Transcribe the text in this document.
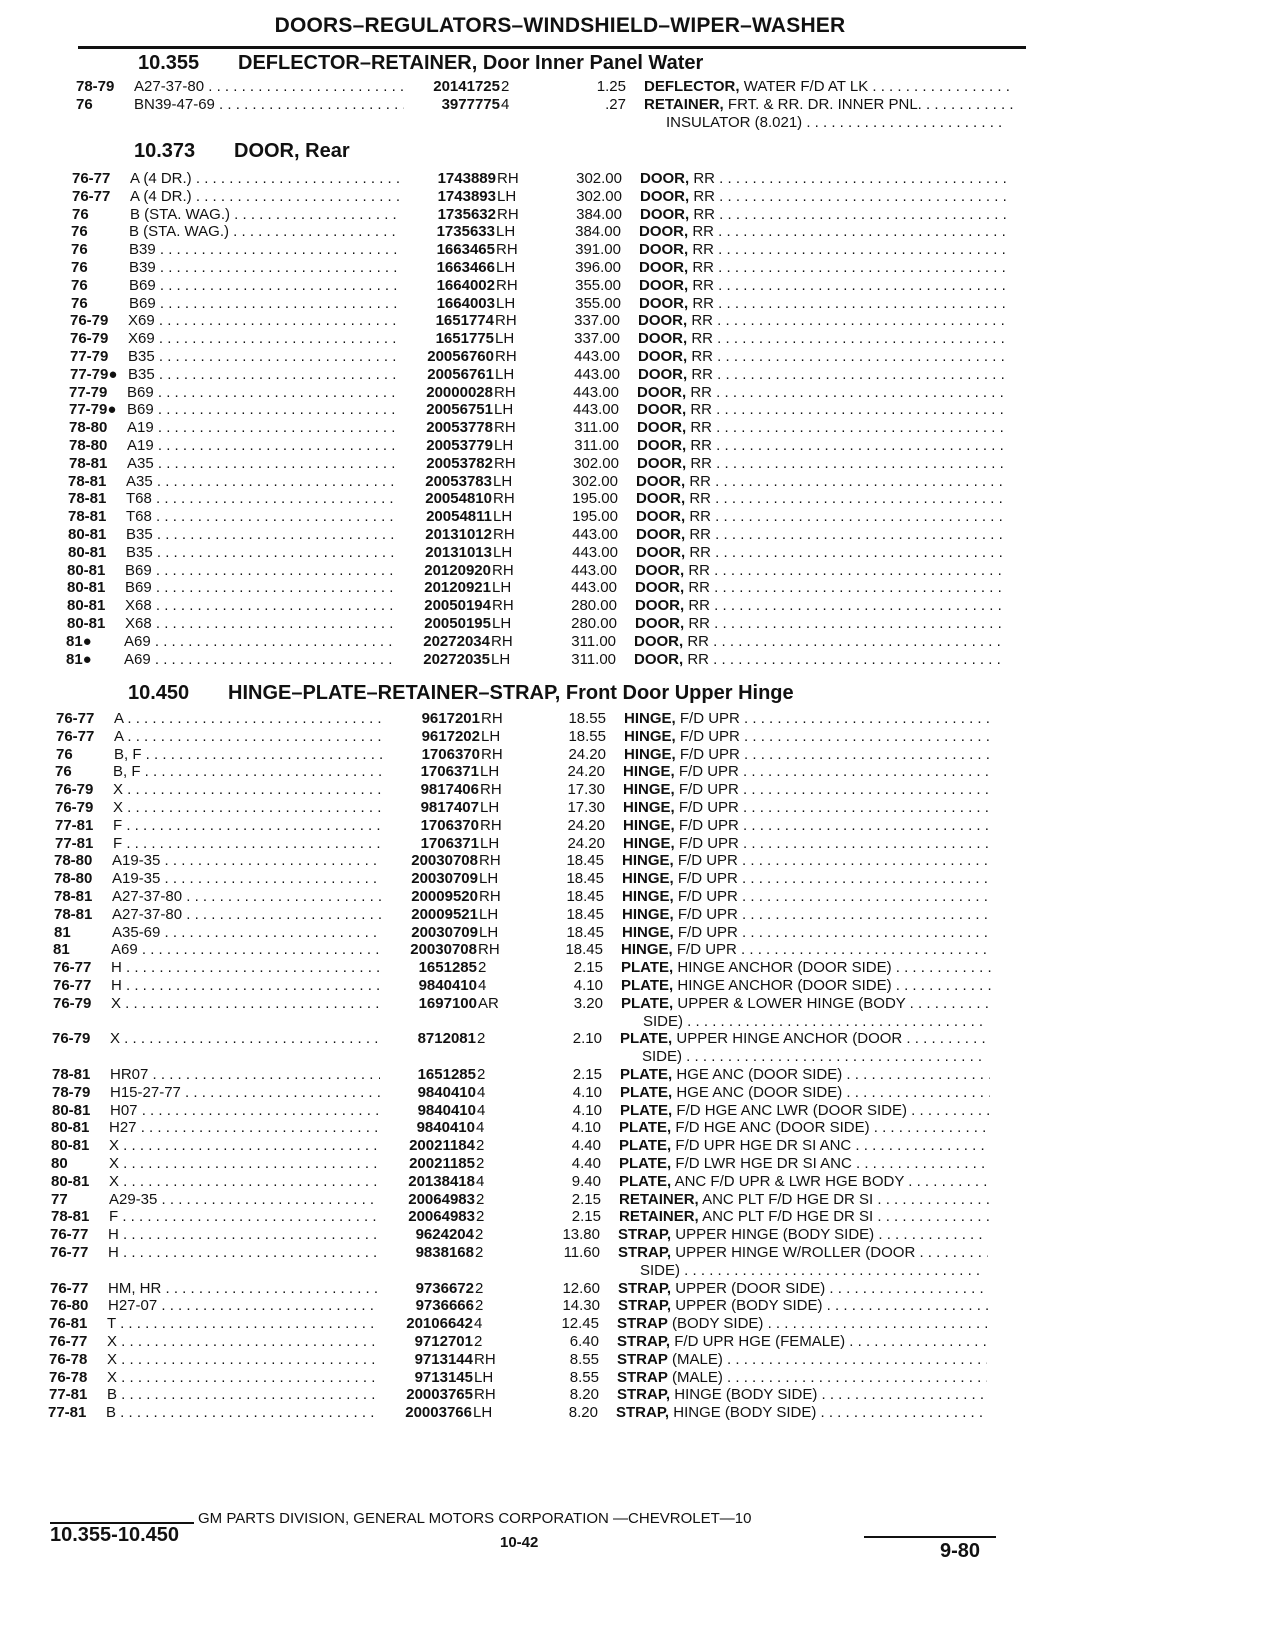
DOORS–REGULATORS–WINDSHIELD–WIPER–WASHER
10.355 DEFLECTOR–RETAINER, Door Inner Panel Water
78-79	A27-37-80 . . .	20141725 2	1.25 DEFLECTOR, WATER F/D AT LK . . .
76	BN39-47-69 . . .	3977775 4	.27 RETAINER, FRT. & RR. DR. INNER PNL. . . .
INSULATOR (8.021) . . .
10.373 DOOR, Rear
76-77	A (4 DR.) . . .	1743889 RH	302.00 DOOR, RR . . .
76-77	A (4 DR.) . . .	1743893 LH	302.00 DOOR, RR . . .
76	B (STA. WAG.) . . .	1735632 RH	384.00 DOOR, RR . . .
76	B (STA. WAG.) . . .	1735633 LH	384.00 DOOR, RR . . .
76	B39 . . .	1663465 RH	391.00 DOOR, RR . . .
76	B39 . . .	1663466 LH	396.00 DOOR, RR . . .
76	B69 . . .	1664002 RH	355.00 DOOR, RR . . .
76	B69 . . .	1664003 LH	355.00 DOOR, RR . . .
76-79	X69 . . .	1651774 RH	337.00 DOOR, RR . . .
76-79	X69 . . .	1651775 LH	337.00 DOOR, RR . . .
77-79	B35 . . .	20056760 RH	443.00 DOOR, RR . . .
77-79● B35 . . .	20056761 LH	443.00 DOOR, RR . . .
77-79	B69 . . .	20000028 RH	443.00 DOOR, RR . . .
77-79● B69 . . .	20056751 LH	443.00 DOOR, RR . . .
78-80	A19 . . .	20053778 RH	311.00 DOOR, RR . . .
78-80	A19 . . .	20053779 LH	311.00 DOOR, RR . . .
78-81	A35 . . .	20053782 RH	302.00 DOOR, RR . . .
78-81	A35 . . .	20053783 LH	302.00 DOOR, RR . . .
78-81	T68 . . .	20054810 RH	195.00 DOOR, RR . . .
78-81	T68 . . .	20054811 LH	195.00 DOOR, RR . . .
80-81	B35 . . .	20131012 RH	443.00 DOOR, RR . . .
80-81	B35 . . .	20131013 LH	443.00 DOOR, RR . . .
80-81	B69 . . .	20120920 RH	443.00 DOOR, RR . . .
80-81	B69 . . .	20120921 LH	443.00 DOOR, RR . . .
80-81	X68 . . .	20050194 RH	280.00 DOOR, RR . . .
80-81	X68 . . .	20050195 LH	280.00 DOOR, RR . . .
81●	A69 . . .	20272034 RH	311.00 DOOR, RR . . .
81●	A69 . . .	20272035 LH	311.00 DOOR, RR . . .
10.450 HINGE–PLATE–RETAINER–STRAP, Front Door Upper Hinge
76-77	A . . .	9617201 RH	18.55 HINGE, F/D UPR . . .
76-77	A . . .	9617202 LH	18.55 HINGE, F/D UPR . . .
76	B, F . . .	1706370 RH	24.20 HINGE, F/D UPR . . .
76	B, F . . .	1706371 LH	24.20 HINGE, F/D UPR . . .
76-79	X . . .	9817406 RH	17.30 HINGE, F/D UPR . . .
76-79	X . . .	9817407 LH	17.30 HINGE, F/D UPR . . .
77-81	F . . .	1706370 RH	24.20 HINGE, F/D UPR . . .
77-81	F . . .	1706371 LH	24.20 HINGE, F/D UPR . . .
78-80	A19-35 . . .	20030708 RH	18.45 HINGE, F/D UPR . . .
78-80	A19-35 . . .	20030709 LH	18.45 HINGE, F/D UPR . . .
78-81	A27-37-80 . . .	20009520 RH	18.45 HINGE, F/D UPR . . .
78-81	A27-37-80 . . .	20009521 LH	18.45 HINGE, F/D UPR . . .
81	A35-69 . . .	20030709 LH	18.45 HINGE, F/D UPR . . .
81	A69 . . .	20030708 RH	18.45 HINGE, F/D UPR . . .
76-77	H . . .	1651285 2	2.15 PLATE, HINGE ANCHOR (DOOR SIDE) . . .
76-77	H . . .	9840410 4	4.10 PLATE, HINGE ANCHOR (DOOR SIDE) . . .
76-79	X . . .	1697100 AR	3.20 PLATE, UPPER & LOWER HINGE (BODY . . .
SIDE) . . .
76-79	X . . .	8712081 2	2.10 PLATE, UPPER HINGE ANCHOR (DOOR . . .
SIDE) . . .
78-81	HR07 . . .	1651285 2	2.15 PLATE, HGE ANC (DOOR SIDE) . . .
78-79	H15-27-77 . . .	9840410 4	4.10 PLATE, HGE ANC (DOOR SIDE) . . .
80-81	H07 . . .	9840410 4	4.10 PLATE, F/D HGE ANC LWR (DOOR SIDE) . . .
80-81	H27 . . .	9840410 4	4.10 PLATE, F/D HGE ANC (DOOR SIDE) . . .
80-81	X . . .	20021184 2	4.40 PLATE, F/D UPR HGE DR SI ANC . . .
80	X . . .	20021185 2	4.40 PLATE, F/D LWR HGE DR SI ANC . . .
80-81	X . . .	20138418 4	9.40 PLATE, ANC F/D UPR & LWR HGE BODY . . .
77	A29-35 . . .	20064983 2	2.15 RETAINER, ANC PLT F/D HGE DR SI . . .
78-81	F . . .	20064983 2	2.15 RETAINER, ANC PLT F/D HGE DR SI . . .
76-77	H . . .	9624204 2	13.80 STRAP, UPPER HINGE (BODY SIDE) . . .
76-77	H . . .	9838168 2	11.60 STRAP, UPPER HINGE W/ROLLER (DOOR . . .
SIDE) . . .
76-77	HM, HR . . .	9736672 2	12.60 STRAP, UPPER (DOOR SIDE) . . .
76-80	H27-07 . . .	9736666 2	14.30 STRAP, UPPER (BODY SIDE) . . .
76-81	T . . .	20106642 4	12.45 STRAP (BODY SIDE) . . .
76-77	X . . .	9712701 2	6.40 STRAP, F/D UPR HGE (FEMALE) . . .
76-78	X . . .	9713144 RH	8.55 STRAP (MALE) . . .
76-78	X . . .	9713145 LH	8.55 STRAP (MALE) . . .
77-81	B . . .	20003765 RH	8.20 STRAP, HINGE (BODY SIDE) . . .
77-81	B . . .	20003766 LH	8.20 STRAP, HINGE (BODY SIDE) . . .
GM PARTS DIVISION, GENERAL MOTORS CORPORATION —CHEVROLET—10
10.355-10.450	10-42	9-80
